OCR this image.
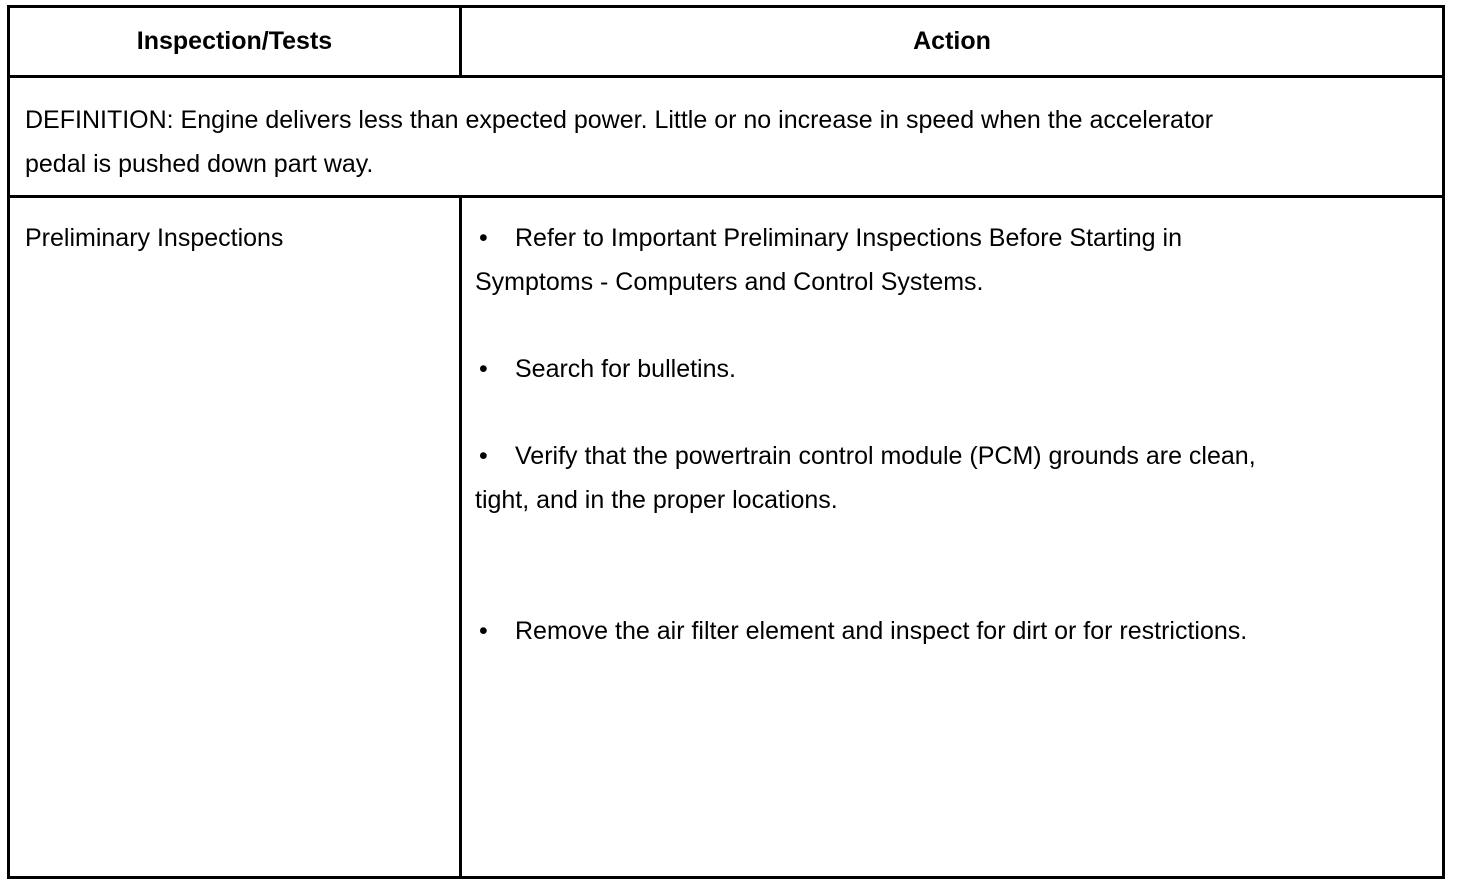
Inspection/Tests	Action
DEFINITION: Engine delivers less than expected power. Little or no increase in speed when the accelerator pedal is pushed down part way.
Preliminary Inspections	• Refer to Important Preliminary Inspections Before Starting in Symptoms - Computers and Control Systems.
• Search for bulletins.
• Verify that the powertrain control module (PCM) grounds are clean, tight, and in the proper locations.
• Remove the air filter element and inspect for dirt or for restrictions.
